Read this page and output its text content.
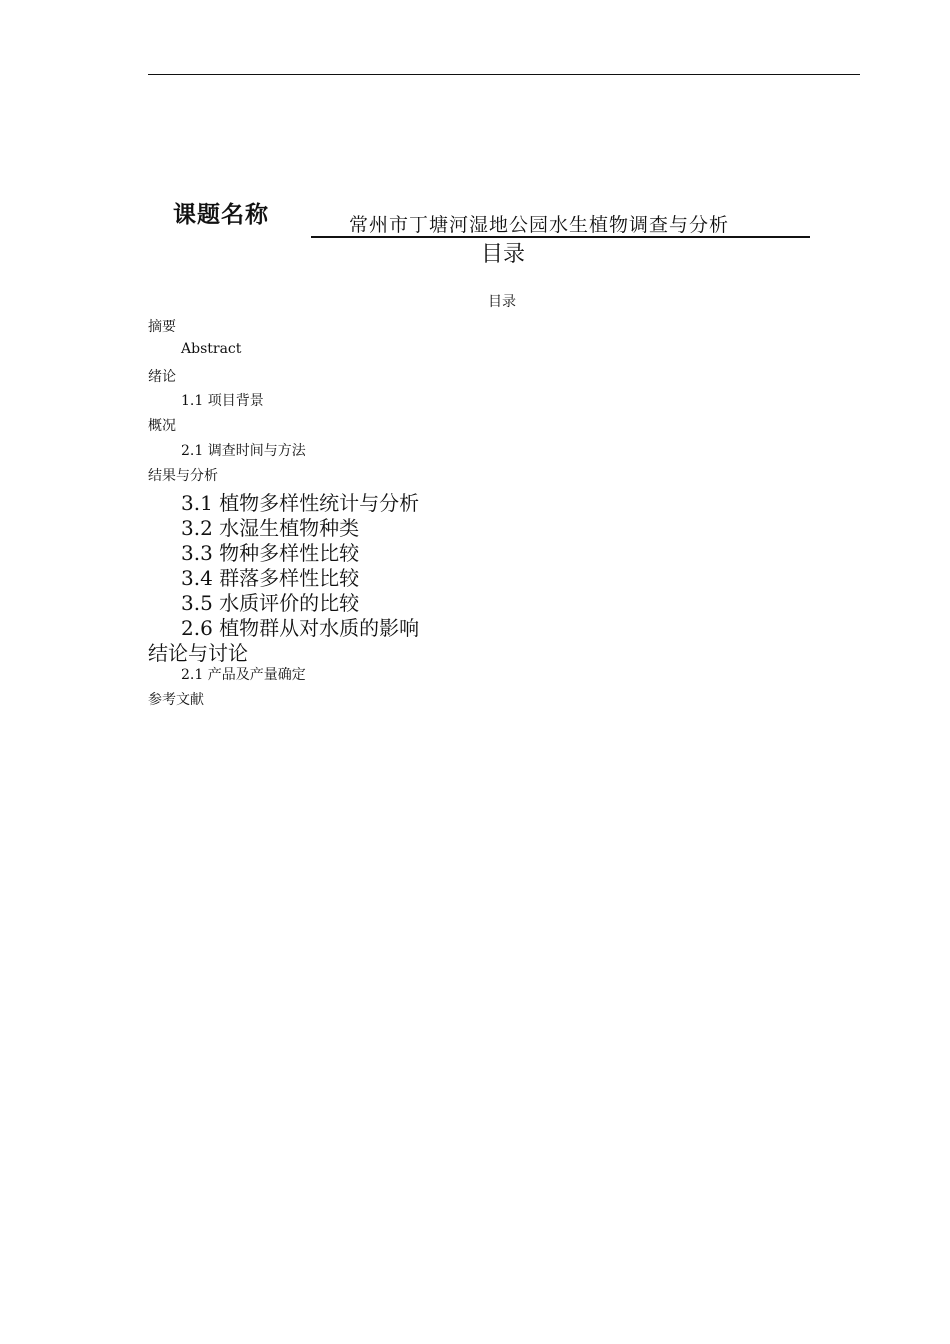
课题名称	常州市丁塘河湿地公园水生植物调查与分析
目录
目录
摘要
Abstract
绪论
1.1 项目背景
概况
2.1 调查时间与方法
结果与分析
3.1 植物多样性统计与分析
3.2 水湿生植物种类
3.3 物种多样性比较
3.4 群落多样性比较
3.5 水质评价的比较
2.6 植物群从对水质的影响
结论与讨论
2.1 产品及产量确定
参考文献
